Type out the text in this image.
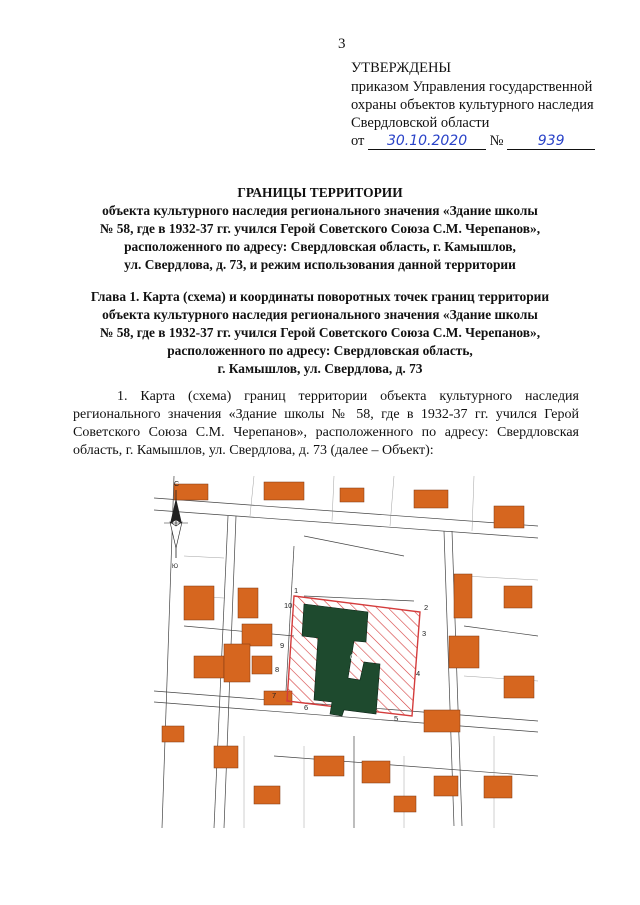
3
УТВЕРЖДЕНЫ
приказом Управления государственной
охраны объектов культурного наследия
Свердловской области
от 30.10.2020 № 939
ГРАНИЦЫ ТЕРРИТОРИИ
объекта культурного наследия регионального значения «Здание школы
№ 58, где в 1932-37 гг. учился Герой Советского Союза С.М. Черепанов»,
расположенного по адресу: Свердловская область, г. Камышлов,
ул. Свердлова, д. 73, и режим использования данной территории
Глава 1. Карта (схема) и координаты поворотных точек границ территории
объекта культурного наследия регионального значения «Здание школы
№ 58, где в 1932-37 гг. учился Герой Советского Союза С.М. Черепанов»,
расположенного по адресу: Свердловская область,
г. Камышлов, ул. Свердлова, д. 73
1. Карта (схема) границ территории объекта культурного наследия
регионального значения «Здание школы № 58, где в 1932-37 гг. учился Герой
Советского Союза С.М. Черепанов», расположенного по адресу: Свердловская
область, г. Камышлов, ул. Свердлова, д. 73 (далее – Объект):
ОКН
1
2
3
4
5
6
7
8
9
10
С
Ю
